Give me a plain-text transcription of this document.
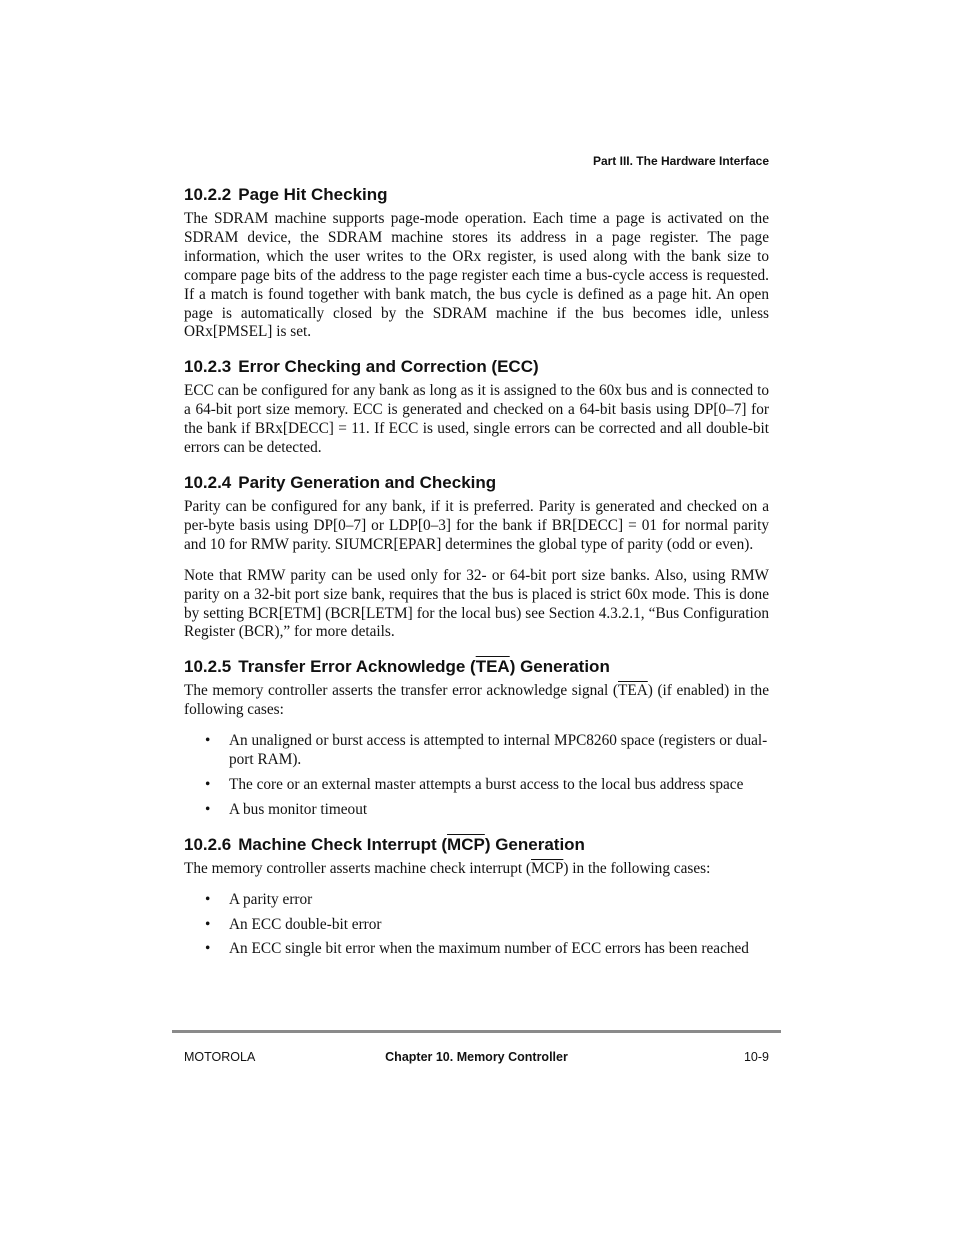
Part III. The Hardware Interface
10.2.2 Page Hit Checking

The SDRAM machine supports page-mode operation. Each time a page is activated on the SDRAM device, the SDRAM machine stores its address in a page register. The page information, which the user writes to the ORx register, is used along with the bank size to compare page bits of the address to the page register each time a bus-cycle access is requested. If a match is found together with bank match, the bus cycle is defined as a page hit. An open page is automatically closed by the SDRAM machine if the bus becomes idle, unless ORx[PMSEL] is set.

10.2.3 Error Checking and Correction (ECC)

ECC can be configured for any bank as long as it is assigned to the 60x bus and is connected to a 64-bit port size memory. ECC is generated and checked on a 64-bit basis using DP[0–7] for the bank if BRx[DECC] = 11. If ECC is used, single errors can be corrected and all double-bit errors can be detected.

10.2.4 Parity Generation and Checking

Parity can be configured for any bank, if it is preferred. Parity is generated and checked on a per-byte basis using DP[0–7] or LDP[0–3] for the bank if BR[DECC] = 01 for normal parity and 10 for RMW parity. SIUMCR[EPAR] determines the global type of parity (odd or even).

Note that RMW parity can be used only for 32- or 64-bit port size banks. Also, using RMW parity on a 32-bit port size bank, requires that the bus is placed is strict 60x mode. This is done by setting BCR[ETM] (BCR[LETM] for the local bus) see Section 4.3.2.1, “Bus Configuration Register (BCR),” for more details.

10.2.5 Transfer Error Acknowledge (TEA) Generation

The memory controller asserts the transfer error acknowledge signal $(\overline{TEA})$ (if enabled) in the following cases:

• An unaligned or burst access is attempted to internal MPC8260 space (registers or dual-port RAM).
• The core or an external master attempts a burst access to the local bus address space
• A bus monitor timeout
10.2.6 Machine Check Interrupt (MCP) Generation

The memory controller asserts machine check interrupt $(\overline{MCP})$ in the following cases:

• A parity error
• An ECC double-bit error
• An ECC single bit error when the maximum number of ECC errors has been reached
MOTOROLA	Chapter 10. Memory Controller	10-9
